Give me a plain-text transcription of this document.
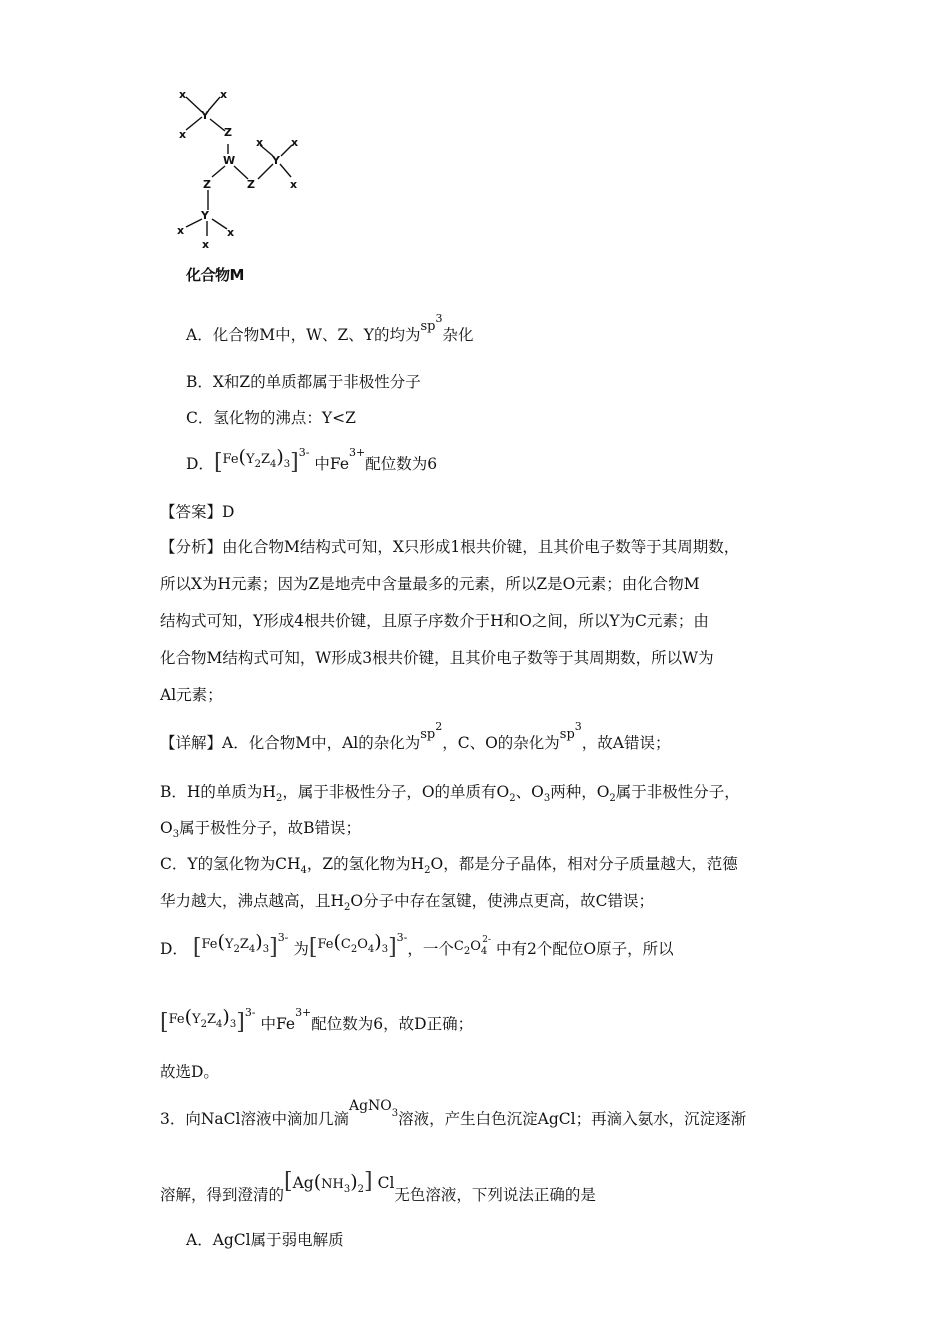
x	x
x
Y
Z
W
x	x
Y
x
Z
Z
Y
x	x
x
化合物M
A．化合物M中，W、Z、Y的均为$^{sp3}$杂化
B．X和Z的单质都属于非极性分子
C．氢化物的沸点：Y<Z
D．$[^{Fe(Y_2Z_4)_3}]^{3-}$ 中$Fe^{3+}$配位数为6
【答案】D
【分析】由化合物M结构式可知，X只形成1根共价键，且其价电子数等于其周期数，
所以X为H元素；因为Z是地壳中含量最多的元素，所以Z是O元素；由化合物M
结构式可知，Y形成4根共价键，且原子序数介于H和O之间，所以Y为C元素；由
化合物M结构式可知，W形成3根共价键，且其价电子数等于其周期数，所以W为
Al元素；
【详解】A．化合物M中，Al的杂化为$^{sp2}$，C、O的杂化为$^{sp3}$，故A错误；
B．H的单质为$H_2$，属于非极性分子，O的单质有$O_2$、$O_3$两种，$O_2$属于非极性分子，
$O_3$属于极性分子，故B错误；
C．Y的氢化物为$CH_4$，Z的氢化物为$H_2O$，都是分子晶体，相对分子质量越大，范德
华力越大，沸点越高，且$H_2O$分子中存在氢键，使沸点更高，故C错误；
D． $[^{Fe(Y_2Z_4)_3}]^{3-}$ 为$[^{Fe(C_2O_4)_3}]^{3-}$，一个$^{C_2O_4^{2-}}$ 中有2个配位O原子，所以
$[^{Fe(Y_2Z_4)_3}]^{3-}$ 中$Fe^{3+}$配位数为6，故D正确；
故选D。
3．向NaCl溶液中滴加几滴AgNO$^3$溶液，产生白色沉淀AgCl；再滴入氨水，沉淀逐渐
溶解，得到澄清的$[Ag(NH_3)_2]$ Cl无色溶液，下列说法正确的是
A．AgCl属于弱电解质
